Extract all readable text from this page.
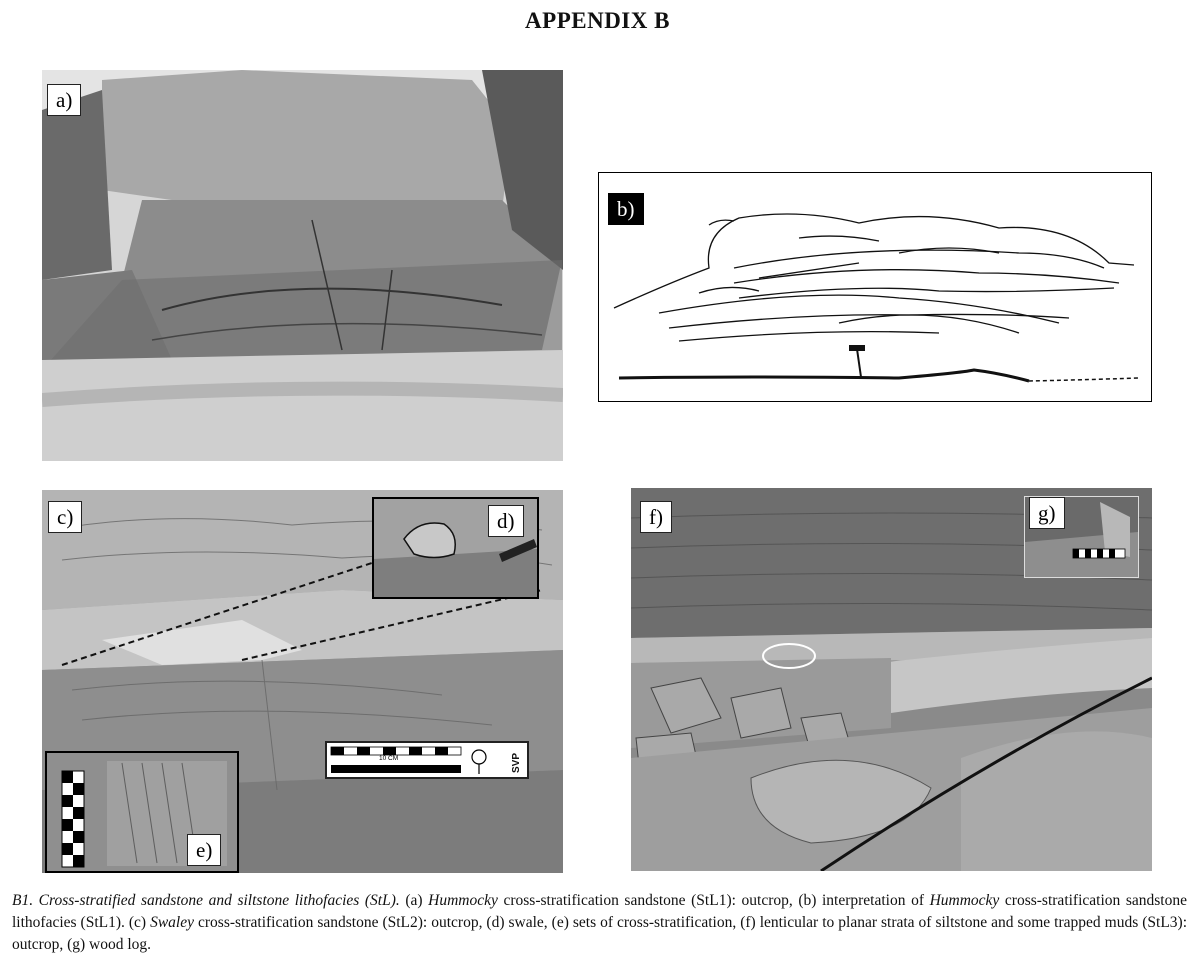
APPENDIX B
a)
b)
c)	d)
e)
10 CM	SVP
f)	g)
B1. Cross-stratified sandstone and siltstone lithofacies (StL). (a) Hummocky cross-stratification sandstone (StL1): outcrop, (b) interpretation of Hummocky cross-stratification sandstone lithofacies (StL1). (c) Swaley cross-stratification sandstone (StL2): outcrop, (d) swale, (e) sets of cross-stratification, (f) lenticular to planar strata of siltstone and some trapped muds (StL3): outcrop, (g) wood log.
